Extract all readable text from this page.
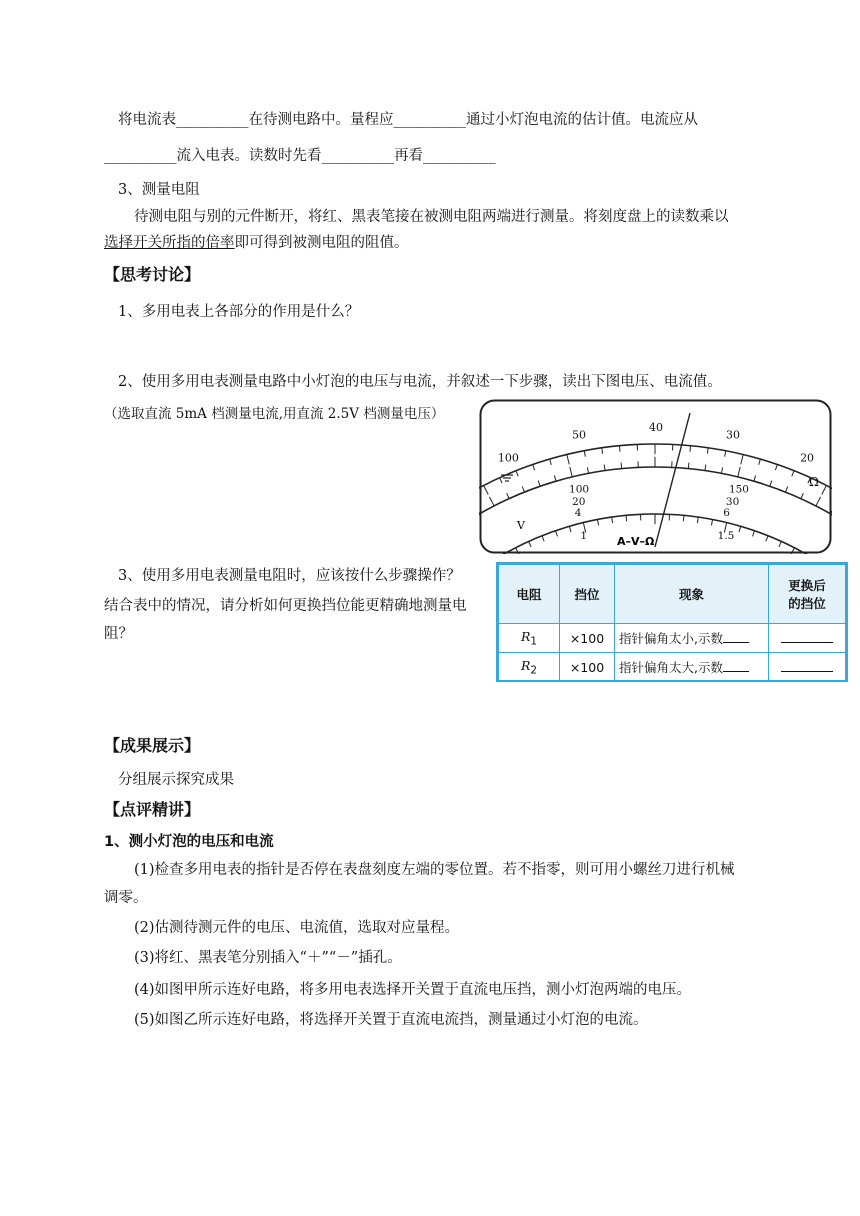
将电流表__________在待测电路中。量程应__________通过小灯泡电流的估计值。电流应从
__________流入电表。读数时先看__________再看__________
3、测量电阻
待测电阻与别的元件断开，将红、黑表笔接在被测电阻两端进行测量。将刻度盘上的读数乘以
选择开关所指的倍率即可得到被测电阻的阻值。
【思考讨论】
1、多用电表上各部分的作用是什么？
2、使用多用电表测量电路中小灯泡的电压与电流，并叙述一下步骤，读出下图电压、电流值。
（选取直流 5mA 档测量电流,用直流 2.5V 档测量电压）
100
50
40
30
20
100	150
20	30
4	6
1	1.5
A–V–Ω
Ω
V
3、使用多用电表测量电阻时，应该按什么步骤操作？
结合表中的情况，请分析如何更换挡位能更精确地测量电
阻？
电阻	挡位	现象	更换后
的挡位
$R_1$	×100	指针偏角太小,示数	
$R_2$	×100	指针偏角太大,示数	
【成果展示】
分组展示探究成果
【点评精讲】
1、测小灯泡的电压和电流
(1)检查多用电表的指针是否停在表盘刻度左端的零位置。若不指零，则可用小螺丝刀进行机械
调零。
(2)估测待测元件的电压、电流值，选取对应量程。
(3)将红、黑表笔分别插入“＋”“－”插孔。
(4)如图甲所示连好电路，将多用电表选择开关置于直流电压挡，测小灯泡两端的电压。
(5)如图乙所示连好电路，将选择开关置于直流电流挡，测量通过小灯泡的电流。
